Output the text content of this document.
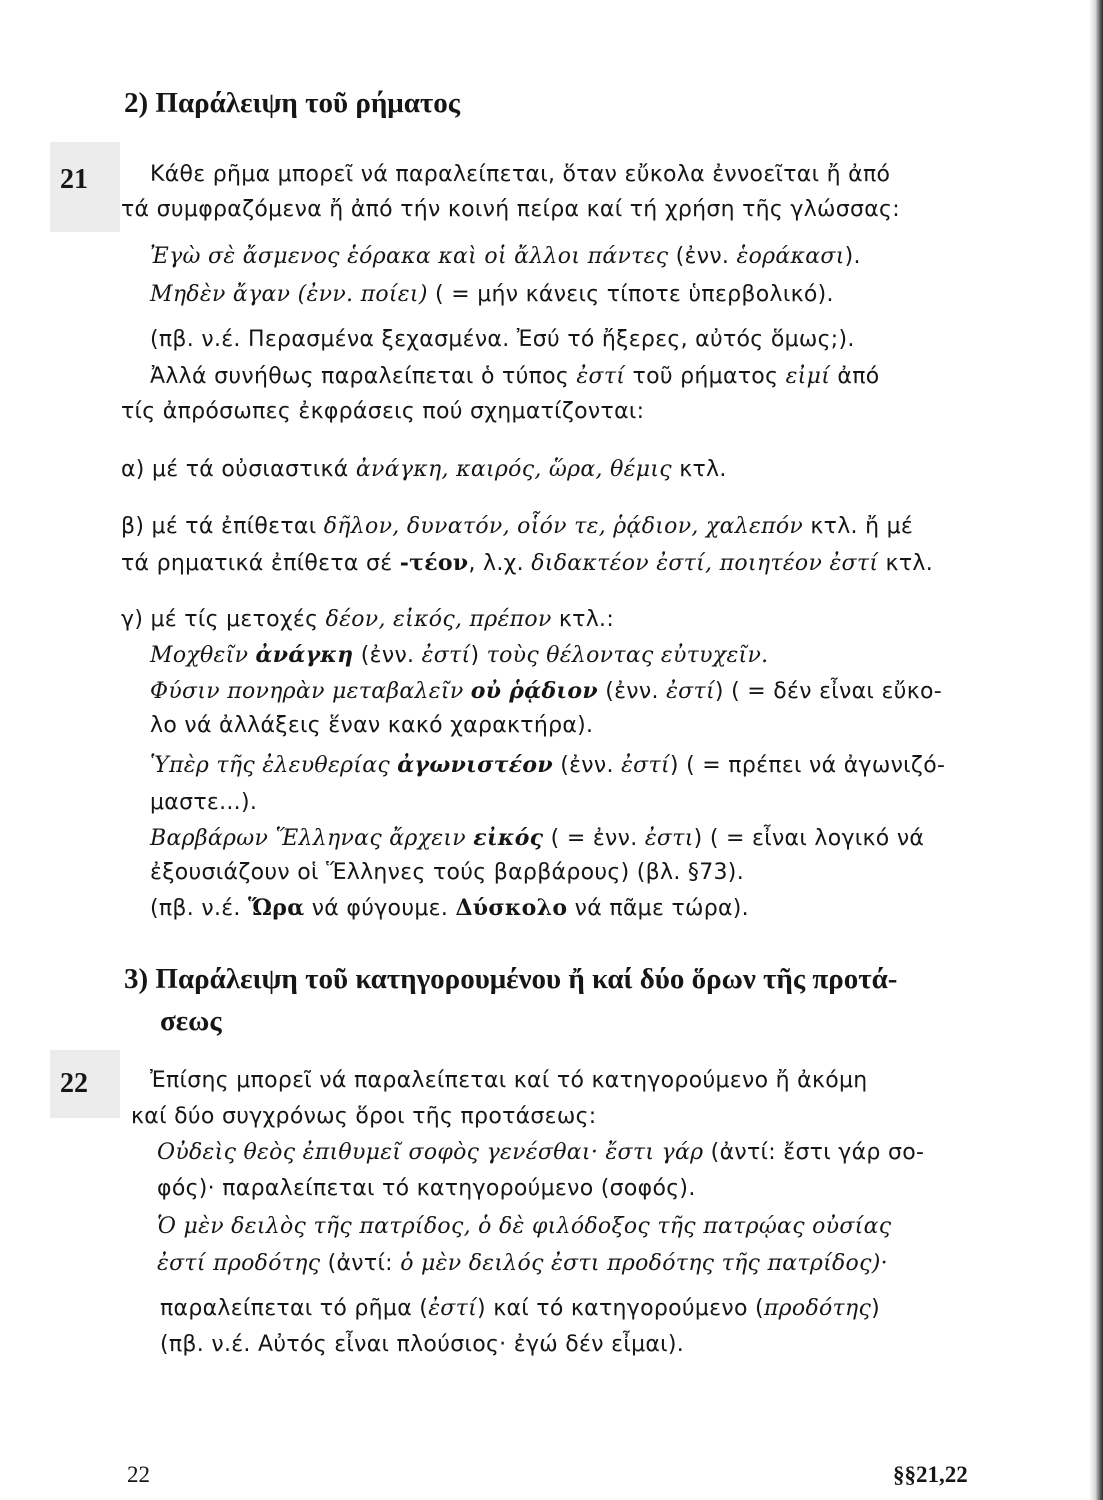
2) Παράλειψη τοῦ ρήματος
21	Κάθε ρῆμα μπορεῖ νά παραλείπεται, ὅταν εὔκολα ἐννοεῖται ἤ ἀπό
τά συμφραζόμενα ἤ ἀπό τήν κοινή πείρα καί τή χρήση τῆς γλώσσας:
Ἐγὼ σὲ ἄσμενος ἑόρακα καὶ οἱ ἄλλοι πάντες (ἐνν. ἑοράκασι).
Μηδὲν ἄγαν (ἐνν. ποίει) ( = μήν κάνεις τίποτε ὑπερβολικό).
(πβ. ν.έ. Περασμένα ξεχασμένα. Ἐσύ τό ἤξερες, αὐτός ὅμως;).
Ἀλλά συνήθως παραλείπεται ὁ τύπος ἐστί τοῦ ρήματος εἰμί ἀπό
τίς ἀπρόσωπες ἐκφράσεις πού σχηματίζονται:
α) μέ τά οὐσιαστικά ἀνάγκη, καιρός, ὥρα, θέμις κτλ.
β) μέ τά ἐπίθεται δῆλον, δυνατόν, οἷόν τε, ῥᾴδιον, χαλεπόν κτλ. ἤ μέ
τά ρηματικά ἐπίθετα σέ -τέον, λ.χ. διδακτέον ἐστί, ποιητέον ἐστί κτλ.
γ) μέ τίς μετοχές δέον, εἰκός, πρέπον κτλ.:
Μοχθεῖν ἀνάγκη (ἐνν. ἐστί) τοὺς θέλοντας εὐτυχεῖν.
Φύσιν πονηρὰν μεταβαλεῖν οὐ ῥᾴδιον (ἐνν. ἐστί) ( = δέν εἶναι εὔκο-
λο νά ἀλλάξεις ἕναν κακό χαρακτήρα).
Ὑπὲρ τῆς ἐλευθερίας ἀγωνιστέον (ἐνν. ἐστί) ( = πρέπει νά ἀγωνιζό-
μαστε...).
Βαρβάρων Ἕλληνας ἄρχειν εἰκός ( = ἐνν. ἐστι) ( = εἶναι λογικό νά
ἐξουσιάζουν οἱ Ἕλληνες τούς βαρβάρους) (βλ. §73).
(πβ. ν.έ. Ὥρα νά φύγουμε. Δύσκολο νά πᾶμε τώρα).
3) Παράλειψη τοῦ κατηγορουμένου ἤ καί δύο ὅρων τῆς προτά-
σεως
22	Ἐπίσης μπορεῖ νά παραλείπεται καί τό κατηγορούμενο ἤ ἀκόμη
καί δύο συγχρόνως ὅροι τῆς προτάσεως:
Οὐδεὶς θεὸς ἐπιθυμεῖ σοφὸς γενέσθαι· ἔστι γάρ (ἀντί: ἔστι γάρ σο-
φός)· παραλείπεται τό κατηγορούμενο (σοφός).
Ὁ μὲν δειλὸς τῆς πατρίδος, ὁ δὲ φιλόδοξος τῆς πατρῴας οὐσίας
ἐστί προδότης (ἀντί: ὁ μὲν δειλός ἐστι προδότης τῆς πατρίδος)·
παραλείπεται τό ρῆμα (ἐστί) καί τό κατηγορούμενο (προδότης)
(πβ. ν.έ. Αὐτός εἶναι πλούσιος· ἐγώ δέν εἶμαι).
22	§§21,22
